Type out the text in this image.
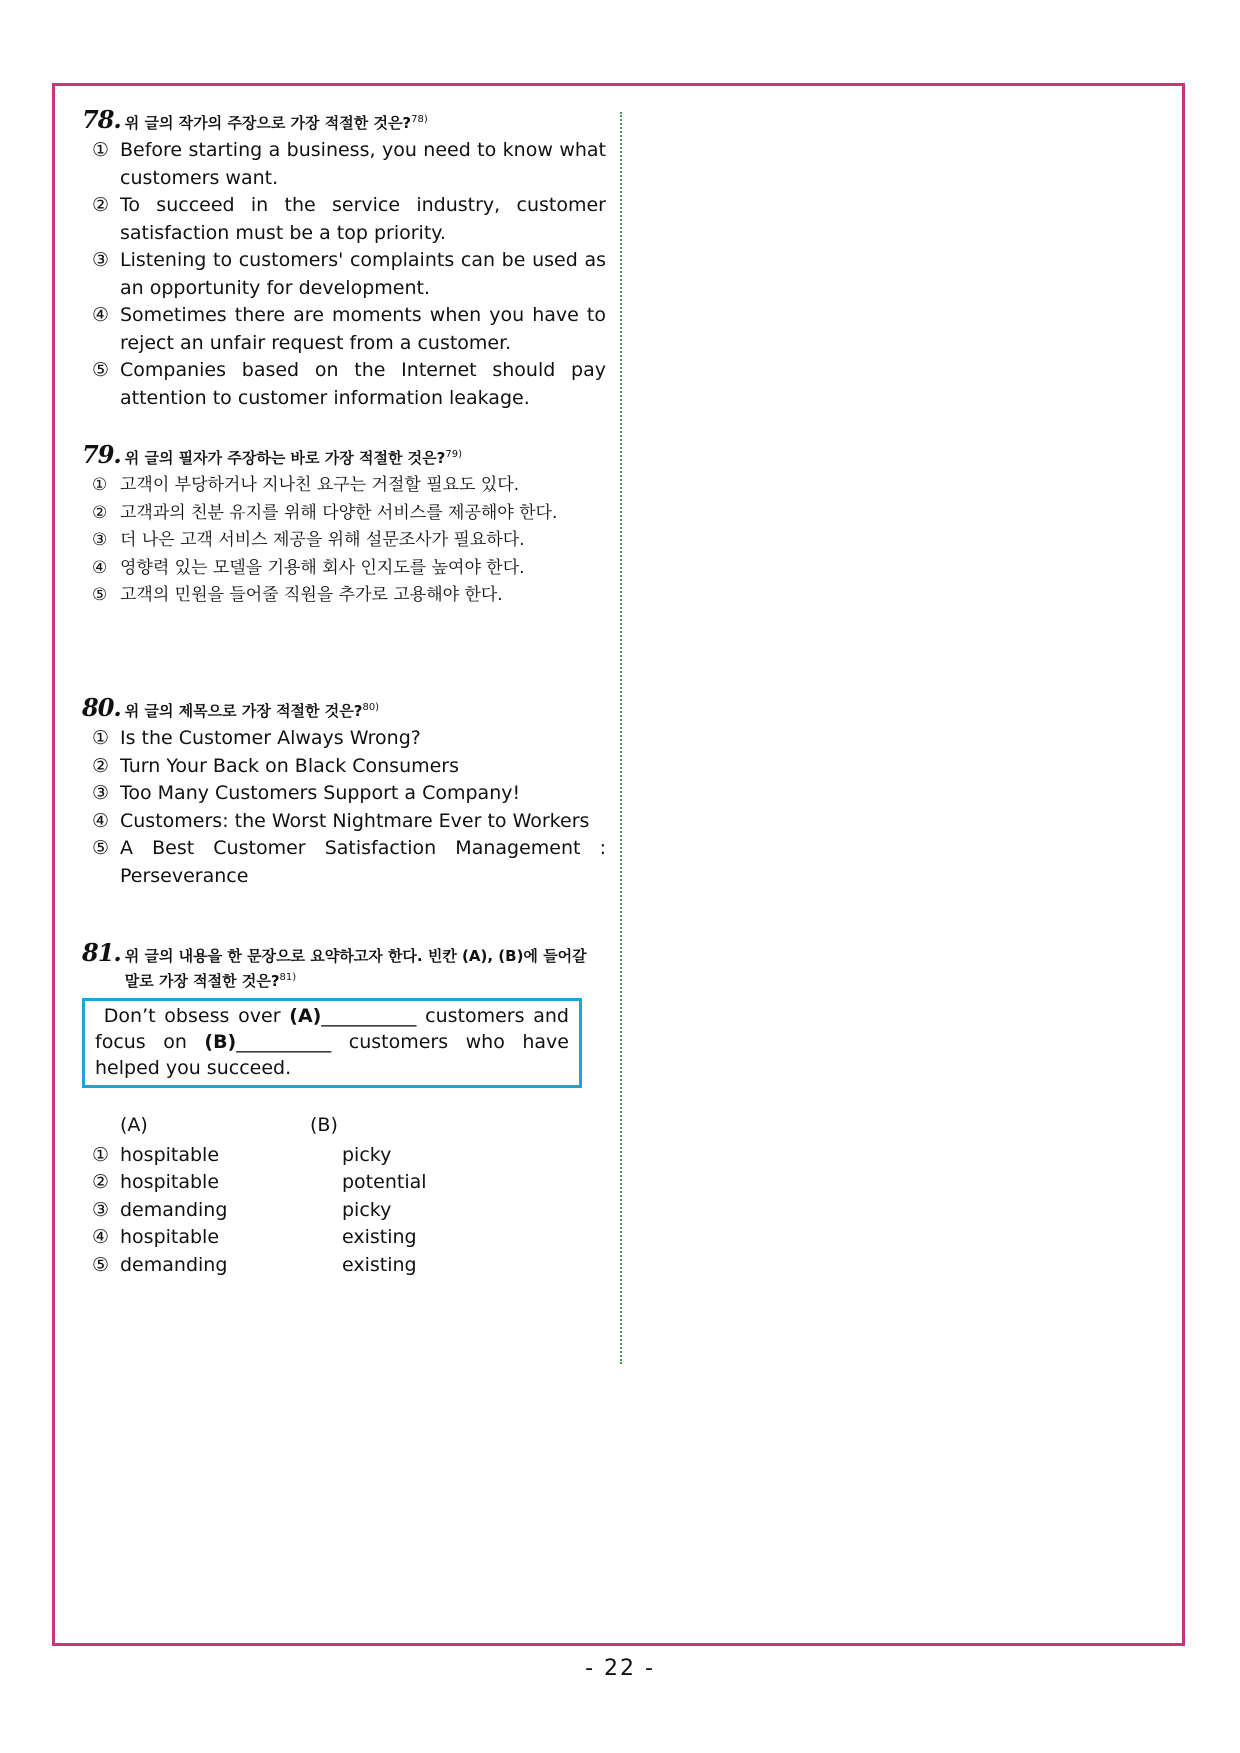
78. 위 글의 작가의 주장으로 가장 적절한 것은?$^{78)}$
① Before starting a business, you need to know what customers want.
② To succeed in the service industry, customer satisfaction must be a top priority.
③ Listening to customers' complaints can be used as an opportunity for development.
④ Sometimes there are moments when you have to reject an unfair request from a customer.
⑤ Companies based on the Internet should pay attention to customer information leakage.
79. 위 글의 필자가 주장하는 바로 가장 적절한 것은?$^{79)}$
① 고객이 부당하거나 지나친 요구는 거절할 필요도 있다.
② 고객과의 친분 유지를 위해 다양한 서비스를 제공해야 한다.
③ 더 나은 고객 서비스 제공을 위해 설문조사가 필요하다.
④ 영향력 있는 모델을 기용해 회사 인지도를 높여야 한다.
⑤ 고객의 민원을 들어줄 직원을 추가로 고용해야 한다.
80. 위 글의 제목으로 가장 적절한 것은?$^{80)}$
① Is the Customer Always Wrong?
② Turn Your Back on Black Consumers
③ Too Many Customers Support a Company!
④ Customers: the Worst Nightmare Ever to Workers
⑤ A Best Customer Satisfaction Management : Perseverance
81. 위 글의 내용을 한 문장으로 요약하고자 한다. 빈칸 (A), (B)에 들어갈 말로 가장 적절한 것은?$^{81)}$
Don’t obsess over (A)__________ customers and focus on (B)__________ customers who have helped you succeed.
(A)	(B)
① hospitable	picky
② hospitable	potential
③ demanding	picky
④ hospitable	existing
⑤ demanding	existing
- 22 -
